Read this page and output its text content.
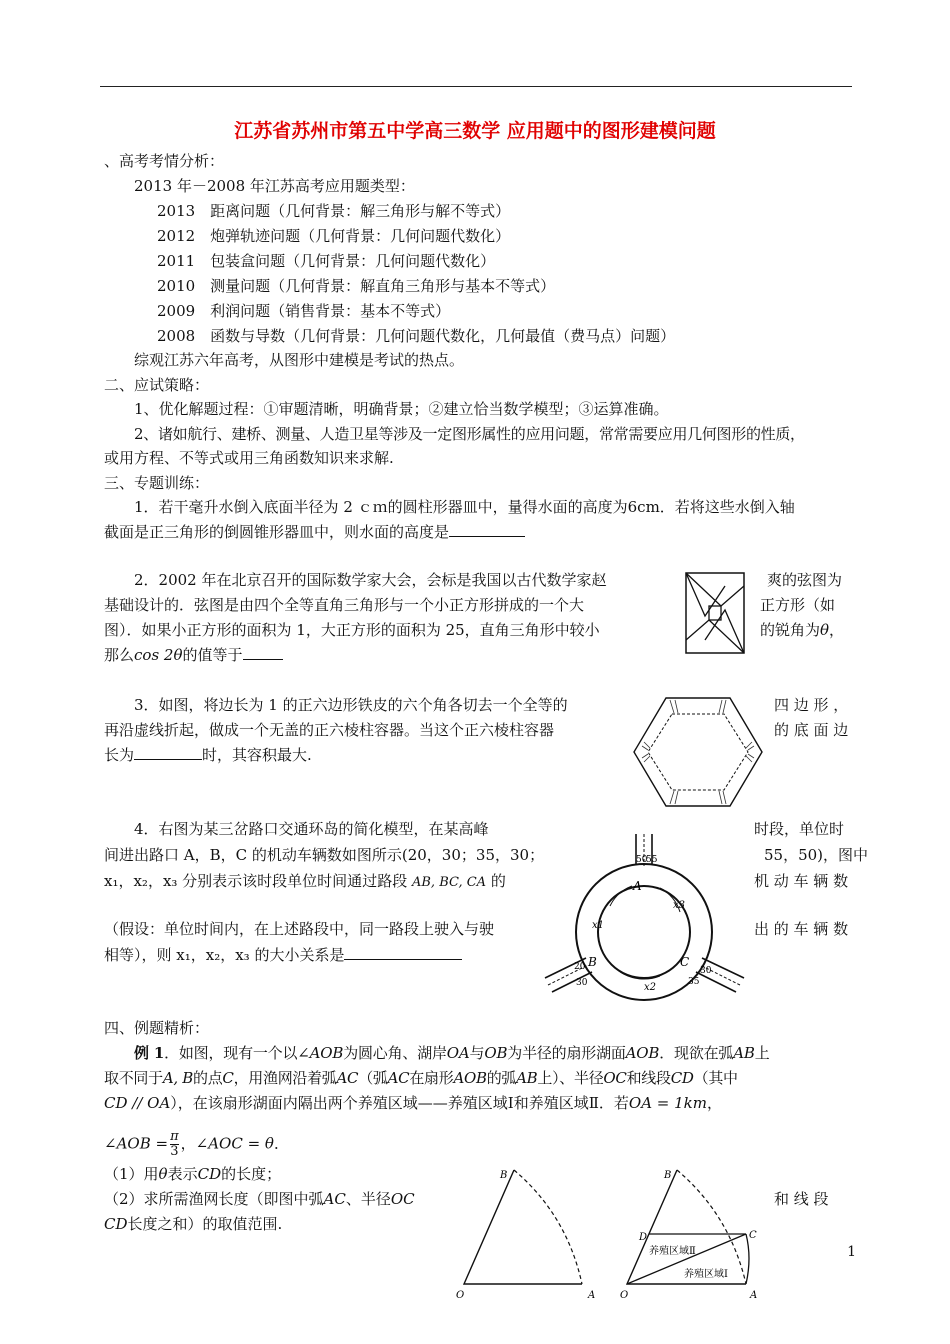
江苏省苏州市第五中学高三数学 应用题中的图形建模问题
、高考考情分析：
2013 年－2008 年江苏高考应用题类型：
2013　距离问题（几何背景：解三角形与解不等式）
2012　炮弹轨迹问题（几何背景：几何问题代数化）
2011　包装盒问题（几何背景：几何问题代数化）
2010　测量问题（几何背景：解直角三角形与基本不等式）
2009　利润问题（销售背景：基本不等式）
2008　函数与导数（几何背景：几何问题代数化，几何最值（费马点）问题）
综观江苏六年高考，从图形中建模是考试的热点。
二、应试策略：
1、优化解题过程：①审题清晰，明确背景；②建立恰当数学模型；③运算准确。
2、诸如航行、建桥、测量、人造卫星等涉及一定图形属性的应用问题，常常需要应用几何图形的性质，
或用方程、不等式或用三角函数知识来求解.
三、专题训练：
1．若干毫升水倒入底面半径为 2 ｃｍ的圆柱形器皿中，量得水面的高度为6cm．若将这些水倒入轴
截面是正三角形的倒圆锥形器皿中，则水面的高度是
2．2002 年在北京召开的国际数学家大会，会标是我国以古代数学家赵	爽的弦图为
基础设计的．弦图是由四个全等直角三角形与一个小正方形拼成的一个大	正方形（如
图）．如果小正方形的面积为 1，大正方形的面积为 25，直角三角形中较小	的锐角为θ，
那么cos 2θ的值等于
3．如图，将边长为 1 的正六边形铁皮的六个角各切去一个全等的	四 边 形 ，
再沿虚线折起，做成一个无盖的正六棱柱容器。当这个正六棱柱容器	的 底 面 边
长为	时，其容积最大.
4．右图为某三岔路口交通环岛的简化模型，在某高峰	时段，单位时
间进出路口 A，B，C 的机动车辆数如图所示(20，30；35，30；	55，50)，图中
x₁，x₂，x₃ 分别表示该时段单位时间通过路段 AB, BC, CA 的	机 动 车 辆 数
（假设：单位时间内，在上述路段中，同一路段上驶入与驶	出 的 车 辆 数
相等），则 x₁，x₂，x₃ 的大小关系是
50
55
A
x3
x1
B
20
30	x2
C
30
35
四、例题精析：
例 1．如图，现有一个以∠AOB为圆心角、湖岸OA与OB为半径的扇形湖面AOB．现欲在弧AB上
取不同于A, B的点C，用渔网沿着弧AC（弧AC在扇形AOB的弧AB上）、半径OC和线段CD（其中
CD // OA），在该扇形湖面内隔出两个养殖区域——养殖区域Ⅰ和养殖区域Ⅱ．若OA = 1km，
∠AOB = $\frac{\pi}{3}$ ，∠AOC = θ．
（1）用θ表示CD的长度；
（2）求所需渔网长度（即图中弧AC、半径OC	和 线 段
CD长度之和）的取值范围.
B
O	A
B
D	C
O	A
养殖区域Ⅱ
养殖区域Ⅰ
1
